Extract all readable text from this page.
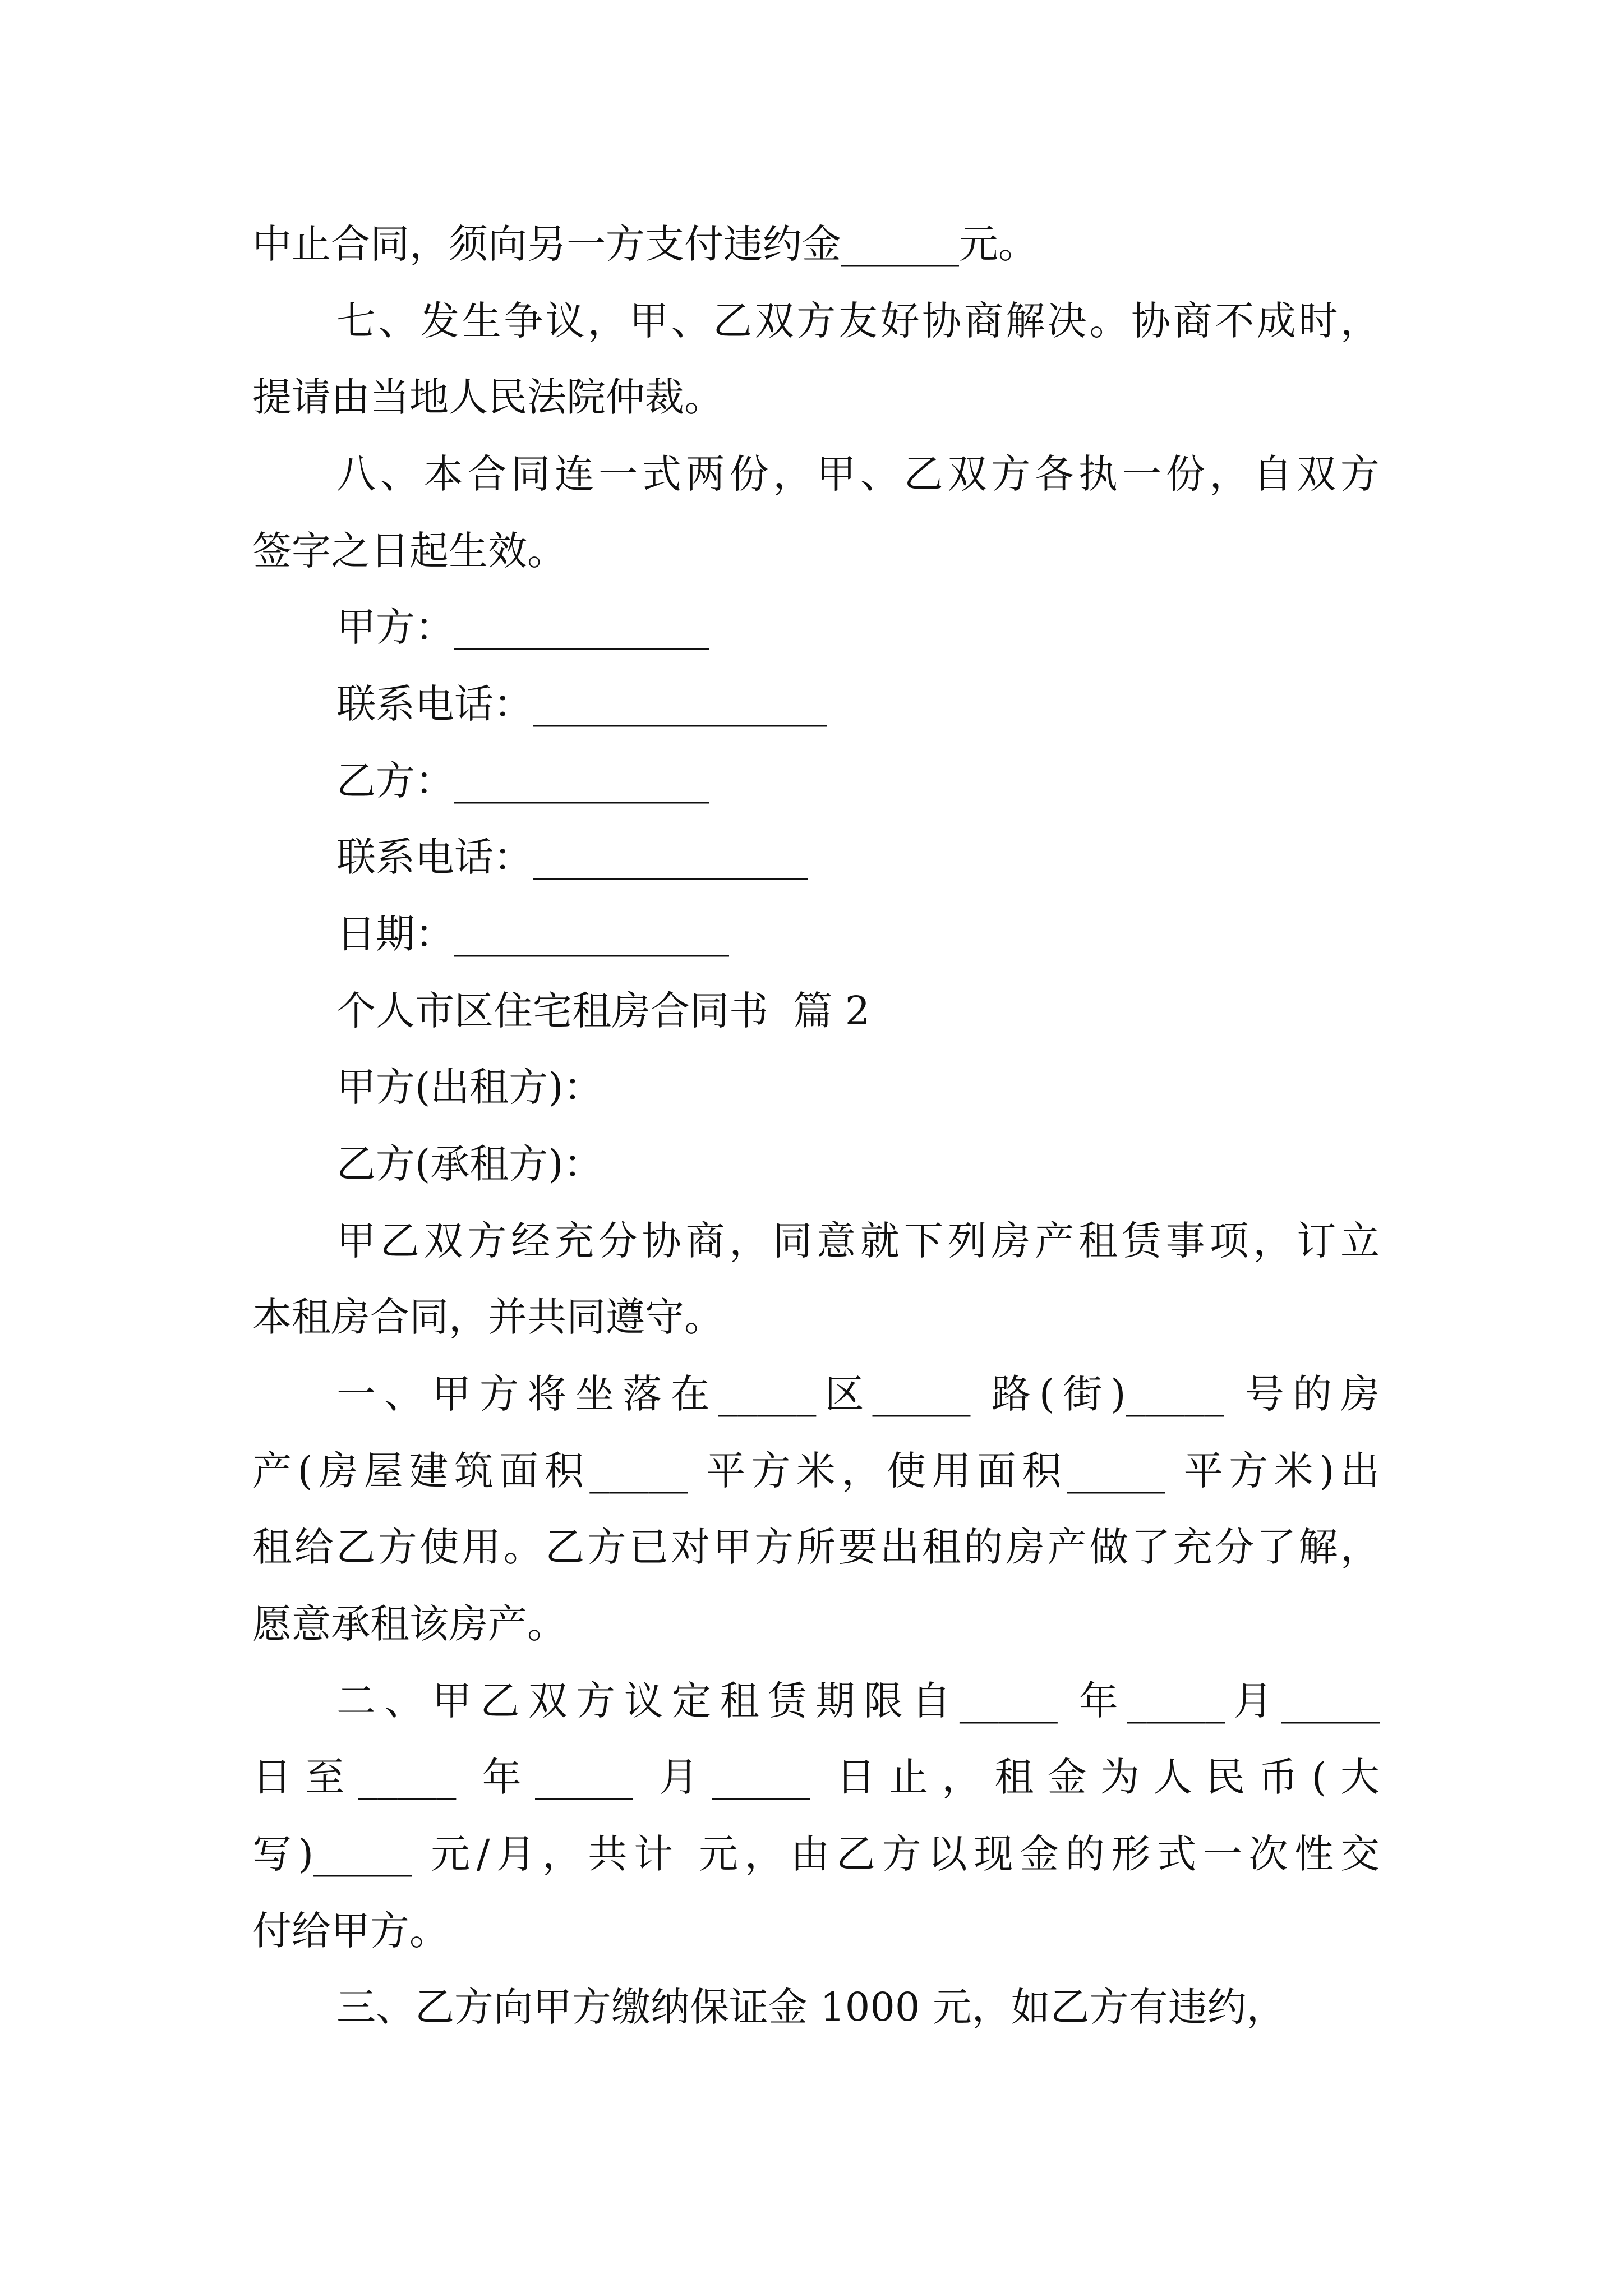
中止合同，须向另一方支付违约金______元。
七、发生争议，甲、乙双方友好协商解决。协商不成时，
提请由当地人民法院仲裁。
八、本合同连一式两份，甲、乙双方各执一份，自双方
签字之日起生效。
甲方：_____________
联系电话：_______________
乙方：_____________
联系电话：______________
日期：______________
个人市区住宅租房合同书  篇 2
甲方(出租方)：
乙方(承租方)：
甲乙双方经充分协商，同意就下列房产租赁事项，订立
本租房合同，并共同遵守。
一、甲方将坐落在_____区_____ 路(街)_____ 号的房
产(房屋建筑面积_____ 平方米，使用面积_____ 平方米)出
租给乙方使用。乙方已对甲方所要出租的房产做了充分了解，
愿意承租该房产。
二、甲乙双方议定租赁期限自_____ 年_____月_____
日至_____ 年_____ 月_____ 日止，租金为人民币(大
写)_____ 元/月，共计 元，由乙方以现金的形式一次性交
付给甲方。
三、乙方向甲方缴纳保证金 1000 元，如乙方有违约，
